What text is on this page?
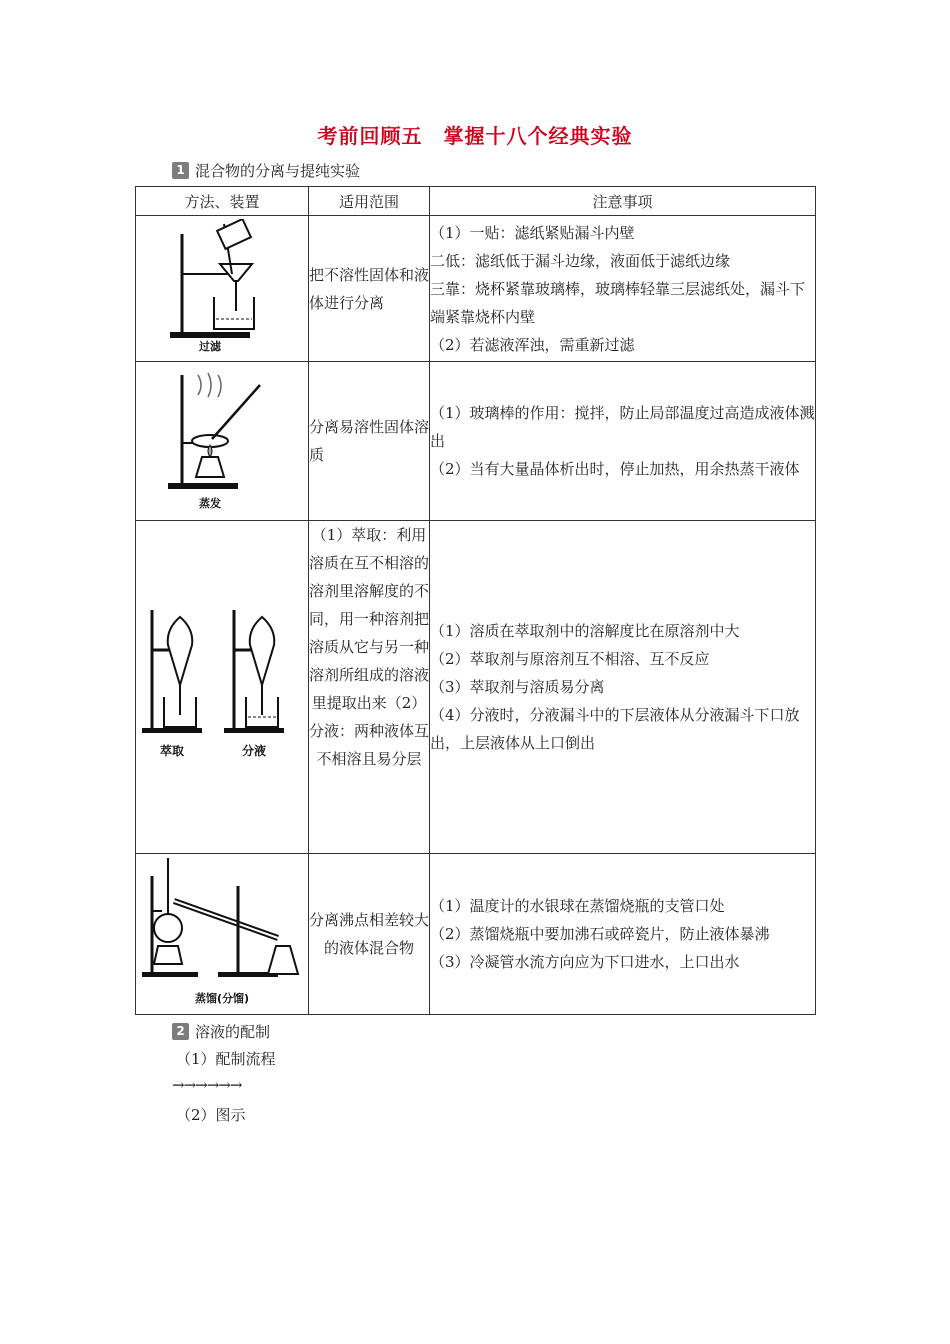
考前回顾五　掌握十八个经典实验
1 混合物的分离与提纯实验
方法、装置	适用范围	注意事项

过滤	把不溶性固体和液体进行分离	（1）一贴：滤纸紧贴漏斗内壁
二低：滤纸低于漏斗边缘，液面低于滤纸边缘
三靠：烧杯紧靠玻璃棒，玻璃棒轻靠三层滤纸处，漏斗下端紧靠烧杯内壁
（2）若滤液浑浊，需重新过滤

蒸发	分离易溶性固体溶质	（1）玻璃棒的作用：搅拌，防止局部温度过高造成液体溅出
（2）当有大量晶体析出时，停止加热，用余热蒸干液体

萃取 分液	（1）萃取：利用溶质在互不相溶的溶剂里溶解度的不同，用一种溶剂把溶质从它与另一种溶剂所组成的溶液里提取出来（2）分液：两种液体互不相溶且易分层	（1）溶质在萃取剂中的溶解度比在原溶剂中大
（2）萃取剂与原溶剂互不相溶、互不反应
（3）萃取剂与溶质易分离
（4）分液时，分液漏斗中的下层液体从分液漏斗下口放出，上层液体从上口倒出

蒸馏(分馏)	分离沸点相差较大的液体混合物	（1）温度计的水银球在蒸馏烧瓶的支管口处
（2）蒸馏烧瓶中要加沸石或碎瓷片，防止液体暴沸
（3）冷凝管水流方向应为下口进水，上口出水
2 溶液的配制
（1）配制流程
→→→→→→
（2）图示
